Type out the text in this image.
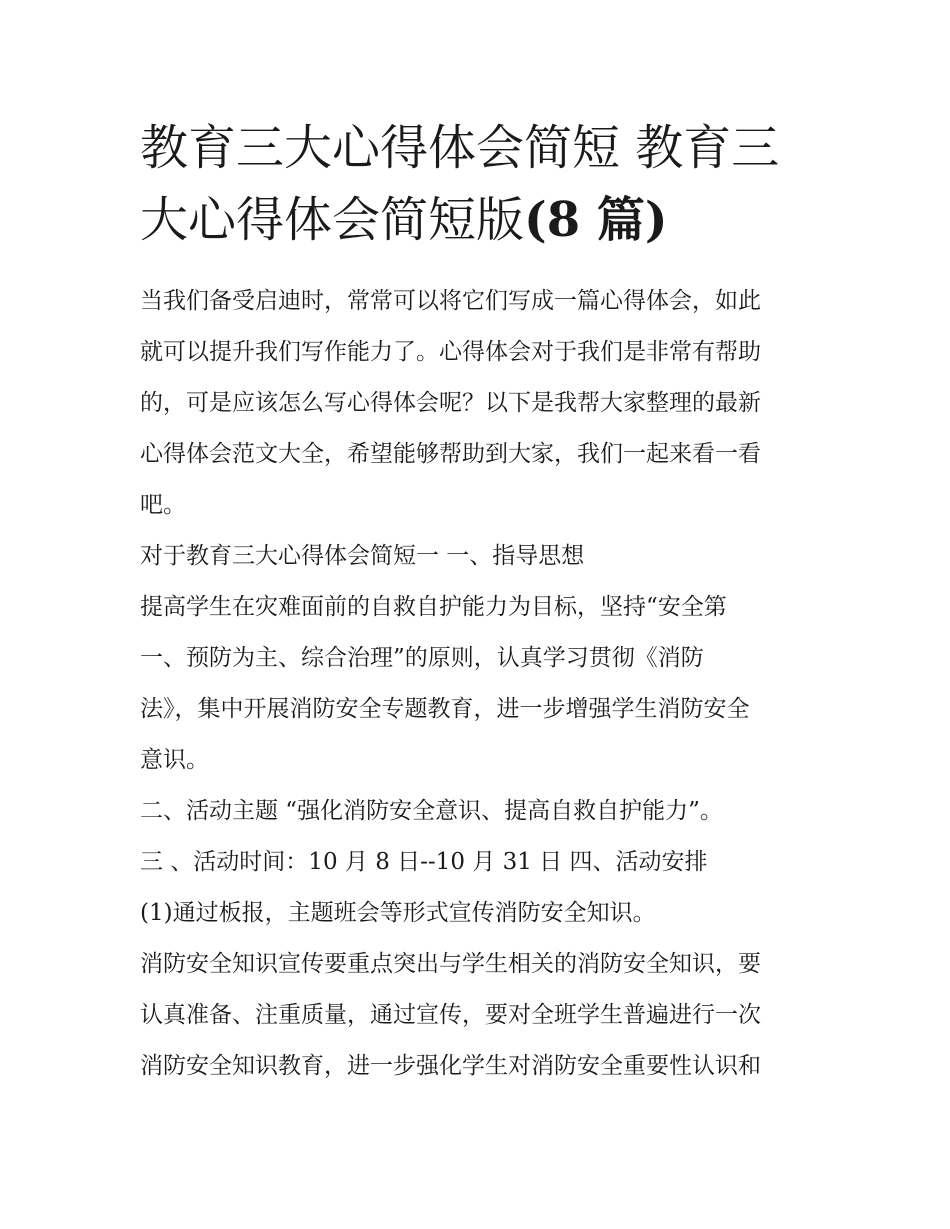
教育三大心得体会简短 教育三
大心得体会简短版(8 篇)
当我们备受启迪时，常常可以将它们写成一篇心得体会，如此
就可以提升我们写作能力了。心得体会对于我们是非常有帮助
的，可是应该怎么写心得体会呢？以下是我帮大家整理的最新
心得体会范文大全，希望能够帮助到大家，我们一起来看一看
吧。
对于教育三大心得体会简短一 一、指导思想
提高学生在灾难面前的自救自护能力为目标，坚持“安全第
一、预防为主、综合治理”的原则，认真学习贯彻《消防
法》，集中开展消防安全专题教育，进一步增强学生消防安全
意识。
二、活动主题 “强化消防安全意识、提高自救自护能力”。
三 、活动时间：10 月 8 日--10 月 31 日 四、活动安排
(1)通过板报，主题班会等形式宣传消防安全知识。
消防安全知识宣传要重点突出与学生相关的消防安全知识，要
认真准备、注重质量，通过宣传，要对全班学生普遍进行一次
消防安全知识教育，进一步强化学生对消防安全重要性认识和
